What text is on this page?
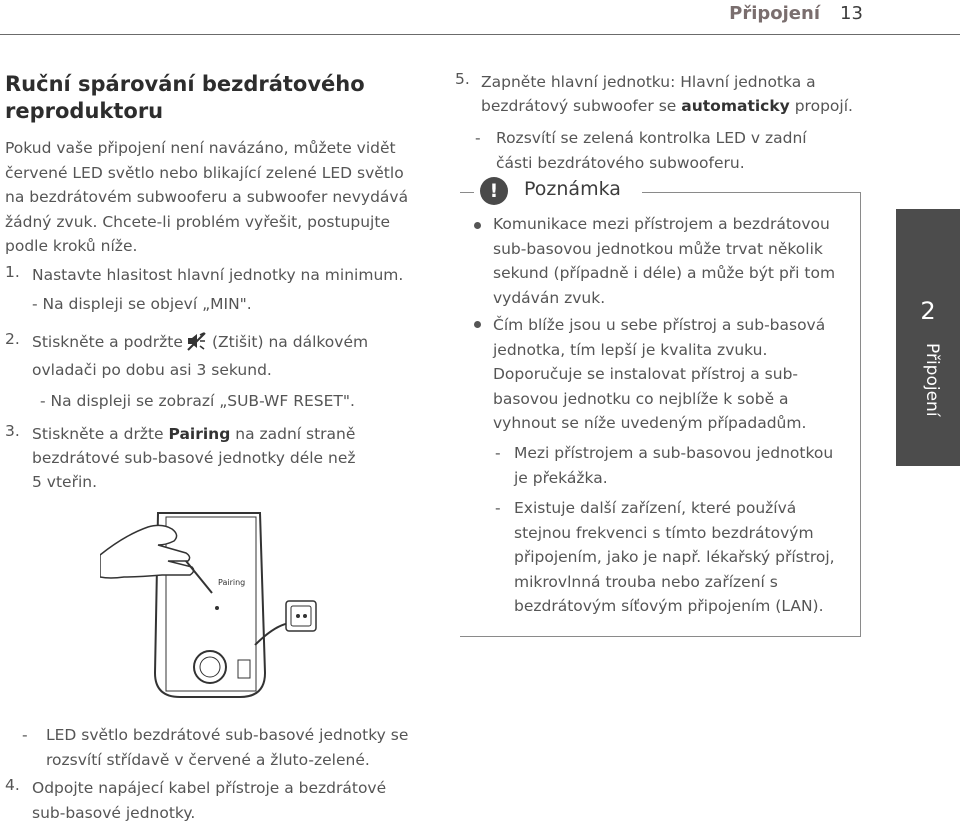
Připojení 13
Ruční spárování bezdrátového reproduktoru
Pokud vaše připojení není navázáno, můžete vidět červené LED světlo nebo blikající zelené LED světlo na bezdrátovém subwooferu a subwoofer nevydává žádný zvuk. Chcete-li problém vyřešit, postupujte podle kroků níže.
1. Nastavte hlasitost hlavní jednotky na minimum.
- Na displeji se objeví „MIN".
2. Stiskněte a podržte (Ztišit) na dálkovém
ovladači po dobu asi 3 sekund.
- Na displeji se zobrazí „SUB-WF RESET".
3. Stiskněte a držte Pairing na zadní straně
bezdrátové sub-basové jednotky déle než
5 vteřin.
Pairing
- LED světlo bezdrátové sub-basové jednotky se rozsvítí střídavě v červené a žluto-zelené.
4. Odpojte napájecí kabel přístroje a bezdrátové sub-basové jednotky.
5. Zapněte hlavní jednotku: Hlavní jednotka a
bezdrátový subwoofer se automaticky propojí.
- Rozsvítí se zelená kontrolka LED v zadní části bezdrátového subwooferu.
!	Poznámka
Komunikace mezi přístrojem a bezdrátovou sub-basovou jednotkou může trvat několik sekund (případně i déle) a může být při tom vydáván zvuk.
Čím blíže jsou u sebe přístroj a sub-basová jednotka, tím lepší je kvalita zvuku. Doporučuje se instalovat přístroj a sub-basovou jednotku co nejblíže k sobě a vyhnout se níže uvedeným případadům.
- Mezi přístrojem a sub-basovou jednotkou je překážka.
- Existuje další zařízení, které používá stejnou frekvenci s tímto bezdrátovým připojením, jako je např. lékařský přístroj, mikrovlnná trouba nebo zařízení s bezdrátovým síťovým připojením (LAN).
2
Připojení
